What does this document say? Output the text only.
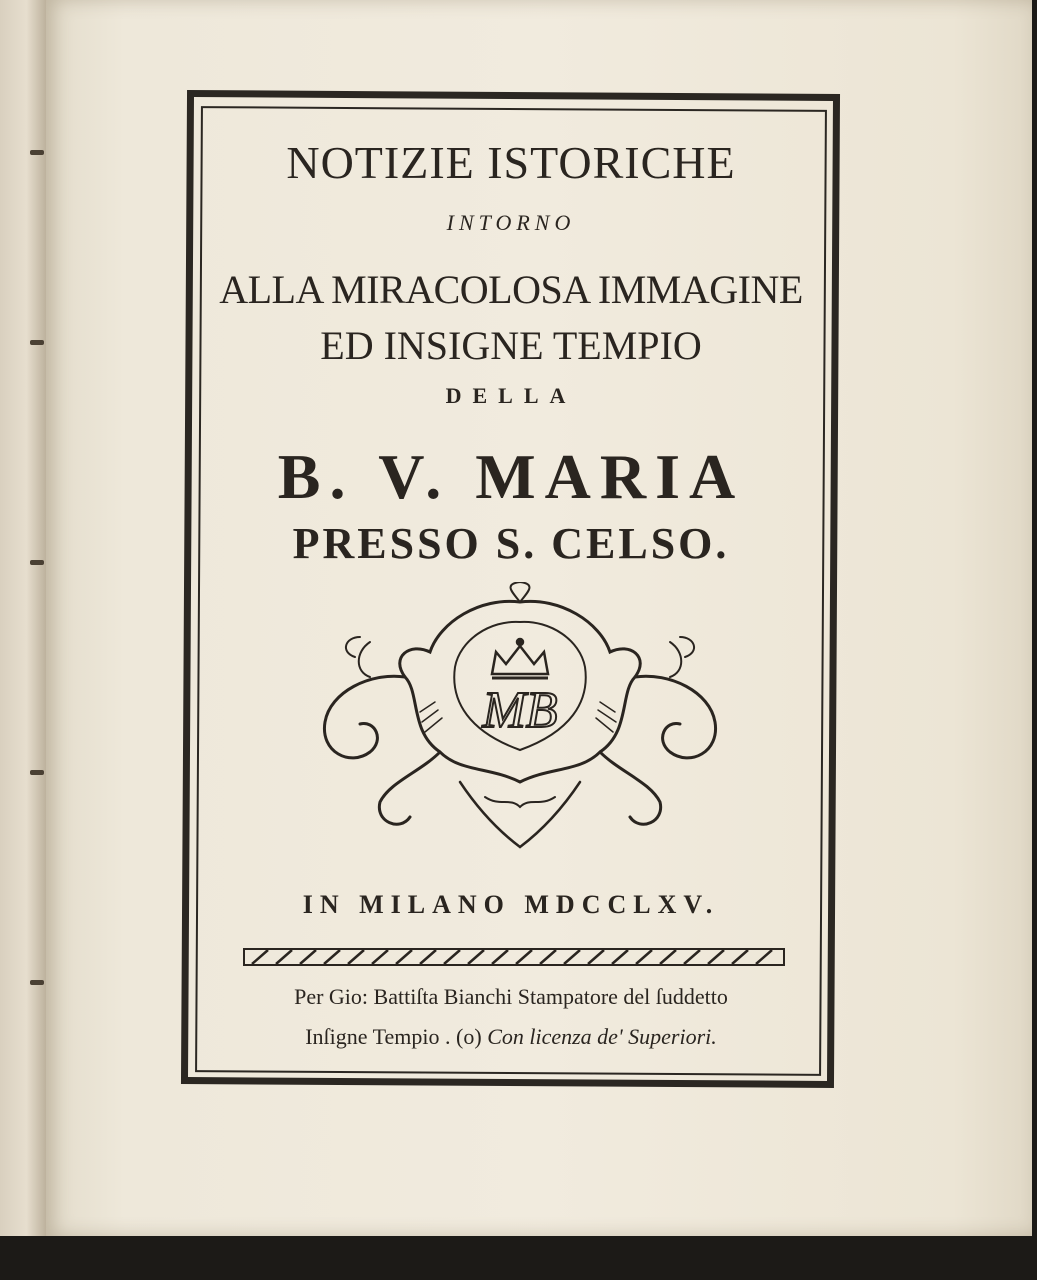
NOTIZIE ISTORICHE

INTORNO

ALLA MIRACOLOSA IMMAGINE

ED INSIGNE TEMPIO

DELLA

B. V. MARIA

PRESSO S. CELSO.

MB

IN MILANO MDCCLXV.

Per Gio: Battiſta Bianchi Stampatore del ſuddetto

Inſigne Tempio . (o) Con licenza de' Superiori.
